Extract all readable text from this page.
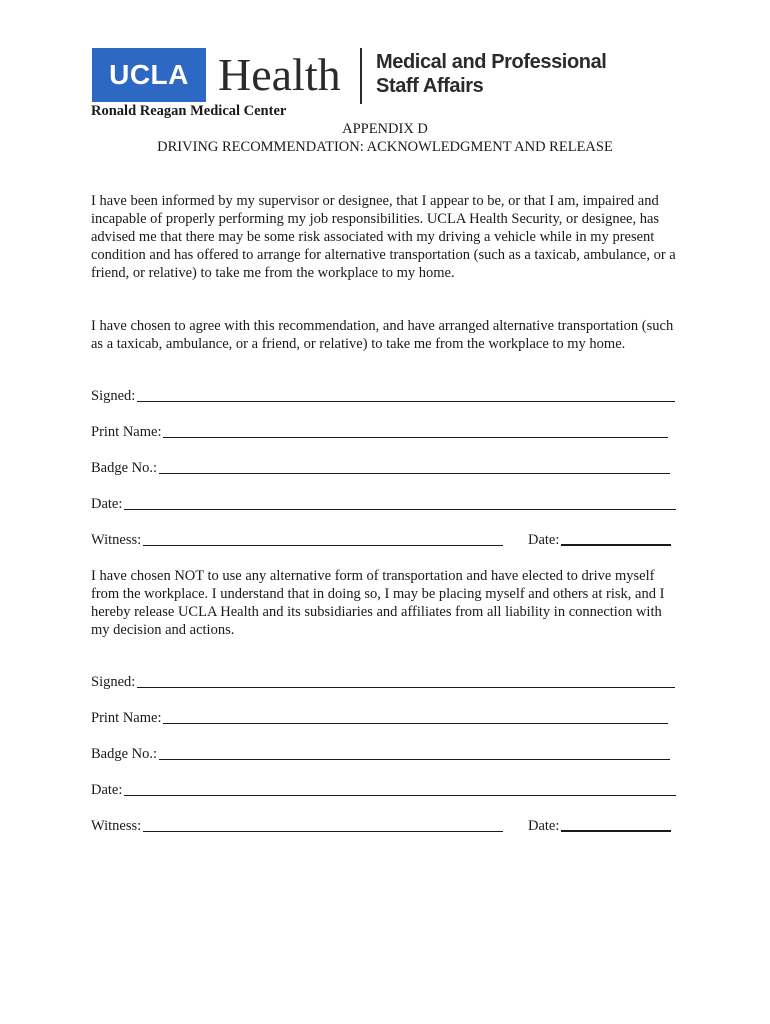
UCLA Health Medical and Professional
Staff Affairs

Ronald Reagan Medical Center

APPENDIX D

DRIVING RECOMMENDATION: ACKNOWLEDGMENT AND RELEASE

I have been informed by my supervisor or designee, that I appear to be, or that I am, impaired and incapable of properly performing my job responsibilities. UCLA Health Security, or designee, has advised me that there may be some risk associated with my driving a vehicle while in my present condition and has offered to arrange for alternative transportation (such as a taxicab, ambulance, or a friend, or relative) to take me from the workplace to my home.

I have chosen to agree with this recommendation, and have arranged alternative transportation (such as a taxicab, ambulance, or a friend, or relative) to take me from the workplace to my home.

Signed:
Print Name:
Badge No.:
Date:
Witness:	Date:

I have chosen NOT to use any alternative form of transportation and have elected to drive myself from the workplace. I understand that in doing so, I may be placing myself and others at risk, and I hereby release UCLA Health and its subsidiaries and affiliates from all liability in connection with my decision and actions.

Signed:
Print Name:
Badge No.:
Date:
Witness:	Date:
